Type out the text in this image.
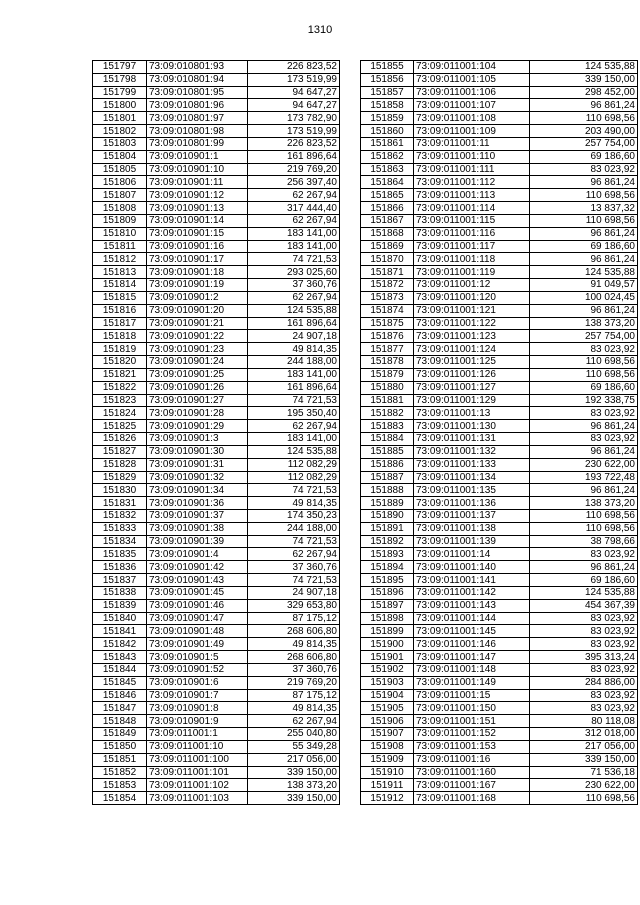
1310
151797	73:09:010801:93	226 823,52
151798	73:09:010801:94	173 519,99
151799	73:09:010801:95	94 647,27
151800	73:09:010801:96	94 647,27
151801	73:09:010801:97	173 782,90
151802	73:09:010801:98	173 519,99
151803	73:09:010801:99	226 823,52
151804	73:09:010901:1	161 896,64
151805	73:09:010901:10	219 769,20
151806	73:09:010901:11	256 397,40
151807	73:09:010901:12	62 267,94
151808	73:09:010901:13	317 444,40
151809	73:09:010901:14	62 267,94
151810	73:09:010901:15	183 141,00
151811	73:09:010901:16	183 141,00
151812	73:09:010901:17	74 721,53
151813	73:09:010901:18	293 025,60
151814	73:09:010901:19	37 360,76
151815	73:09:010901:2	62 267,94
151816	73:09:010901:20	124 535,88
151817	73:09:010901:21	161 896,64
151818	73:09:010901:22	24 907,18
151819	73:09:010901:23	49 814,35
151820	73:09:010901:24	244 188,00
151821	73:09:010901:25	183 141,00
151822	73:09:010901:26	161 896,64
151823	73:09:010901:27	74 721,53
151824	73:09:010901:28	195 350,40
151825	73:09:010901:29	62 267,94
151826	73:09:010901:3	183 141,00
151827	73:09:010901:30	124 535,88
151828	73:09:010901:31	112 082,29
151829	73:09:010901:32	112 082,29
151830	73:09:010901:34	74 721,53
151831	73:09:010901:36	49 814,35
151832	73:09:010901:37	174 350,23
151833	73:09:010901:38	244 188,00
151834	73:09:010901:39	74 721,53
151835	73:09:010901:4	62 267,94
151836	73:09:010901:42	37 360,76
151837	73:09:010901:43	74 721,53
151838	73:09:010901:45	24 907,18
151839	73:09:010901:46	329 653,80
151840	73:09:010901:47	87 175,12
151841	73:09:010901:48	268 606,80
151842	73:09:010901:49	49 814,35
151843	73:09:010901:5	268 606,80
151844	73:09:010901:52	37 360,76
151845	73:09:010901:6	219 769,20
151846	73:09:010901:7	87 175,12
151847	73:09:010901:8	49 814,35
151848	73:09:010901:9	62 267,94
151849	73:09:011001:1	255 040,80
151850	73:09:011001:10	55 349,28
151851	73:09:011001:100	217 056,00
151852	73:09:011001:101	339 150,00
151853	73:09:011001:102	138 373,20
151854	73:09:011001:103	339 150,00
151855	73:09:011001:104	124 535,88
151856	73:09:011001:105	339 150,00
151857	73:09:011001:106	298 452,00
151858	73:09:011001:107	96 861,24
151859	73:09:011001:108	110 698,56
151860	73:09:011001:109	203 490,00
151861	73:09:011001:11	257 754,00
151862	73:09:011001:110	69 186,60
151863	73:09:011001:111	83 023,92
151864	73:09:011001:112	96 861,24
151865	73:09:011001:113	110 698,56
151866	73:09:011001:114	13 837,32
151867	73:09:011001:115	110 698,56
151868	73:09:011001:116	96 861,24
151869	73:09:011001:117	69 186,60
151870	73:09:011001:118	96 861,24
151871	73:09:011001:119	124 535,88
151872	73:09:011001:12	91 049,57
151873	73:09:011001:120	100 024,45
151874	73:09:011001:121	96 861,24
151875	73:09:011001:122	138 373,20
151876	73:09:011001:123	257 754,00
151877	73:09:011001:124	83 023,92
151878	73:09:011001:125	110 698,56
151879	73:09:011001:126	110 698,56
151880	73:09:011001:127	69 186,60
151881	73:09:011001:129	192 338,75
151882	73:09:011001:13	83 023,92
151883	73:09:011001:130	96 861,24
151884	73:09:011001:131	83 023,92
151885	73:09:011001:132	96 861,24
151886	73:09:011001:133	230 622,00
151887	73:09:011001:134	193 722,48
151888	73:09:011001:135	96 861,24
151889	73:09:011001:136	138 373,20
151890	73:09:011001:137	110 698,56
151891	73:09:011001:138	110 698,56
151892	73:09:011001:139	38 798,66
151893	73:09:011001:14	83 023,92
151894	73:09:011001:140	96 861,24
151895	73:09:011001:141	69 186,60
151896	73:09:011001:142	124 535,88
151897	73:09:011001:143	454 367,39
151898	73:09:011001:144	83 023,92
151899	73:09:011001:145	83 023,92
151900	73:09:011001:146	83 023,92
151901	73:09:011001:147	395 313,24
151902	73:09:011001:148	83 023,92
151903	73:09:011001:149	284 886,00
151904	73:09:011001:15	83 023,92
151905	73:09:011001:150	83 023,92
151906	73:09:011001:151	80 118,08
151907	73:09:011001:152	312 018,00
151908	73:09:011001:153	217 056,00
151909	73:09:011001:16	339 150,00
151910	73:09:011001:160	71 536,18
151911	73:09:011001:167	230 622,00
151912	73:09:011001:168	110 698,56
